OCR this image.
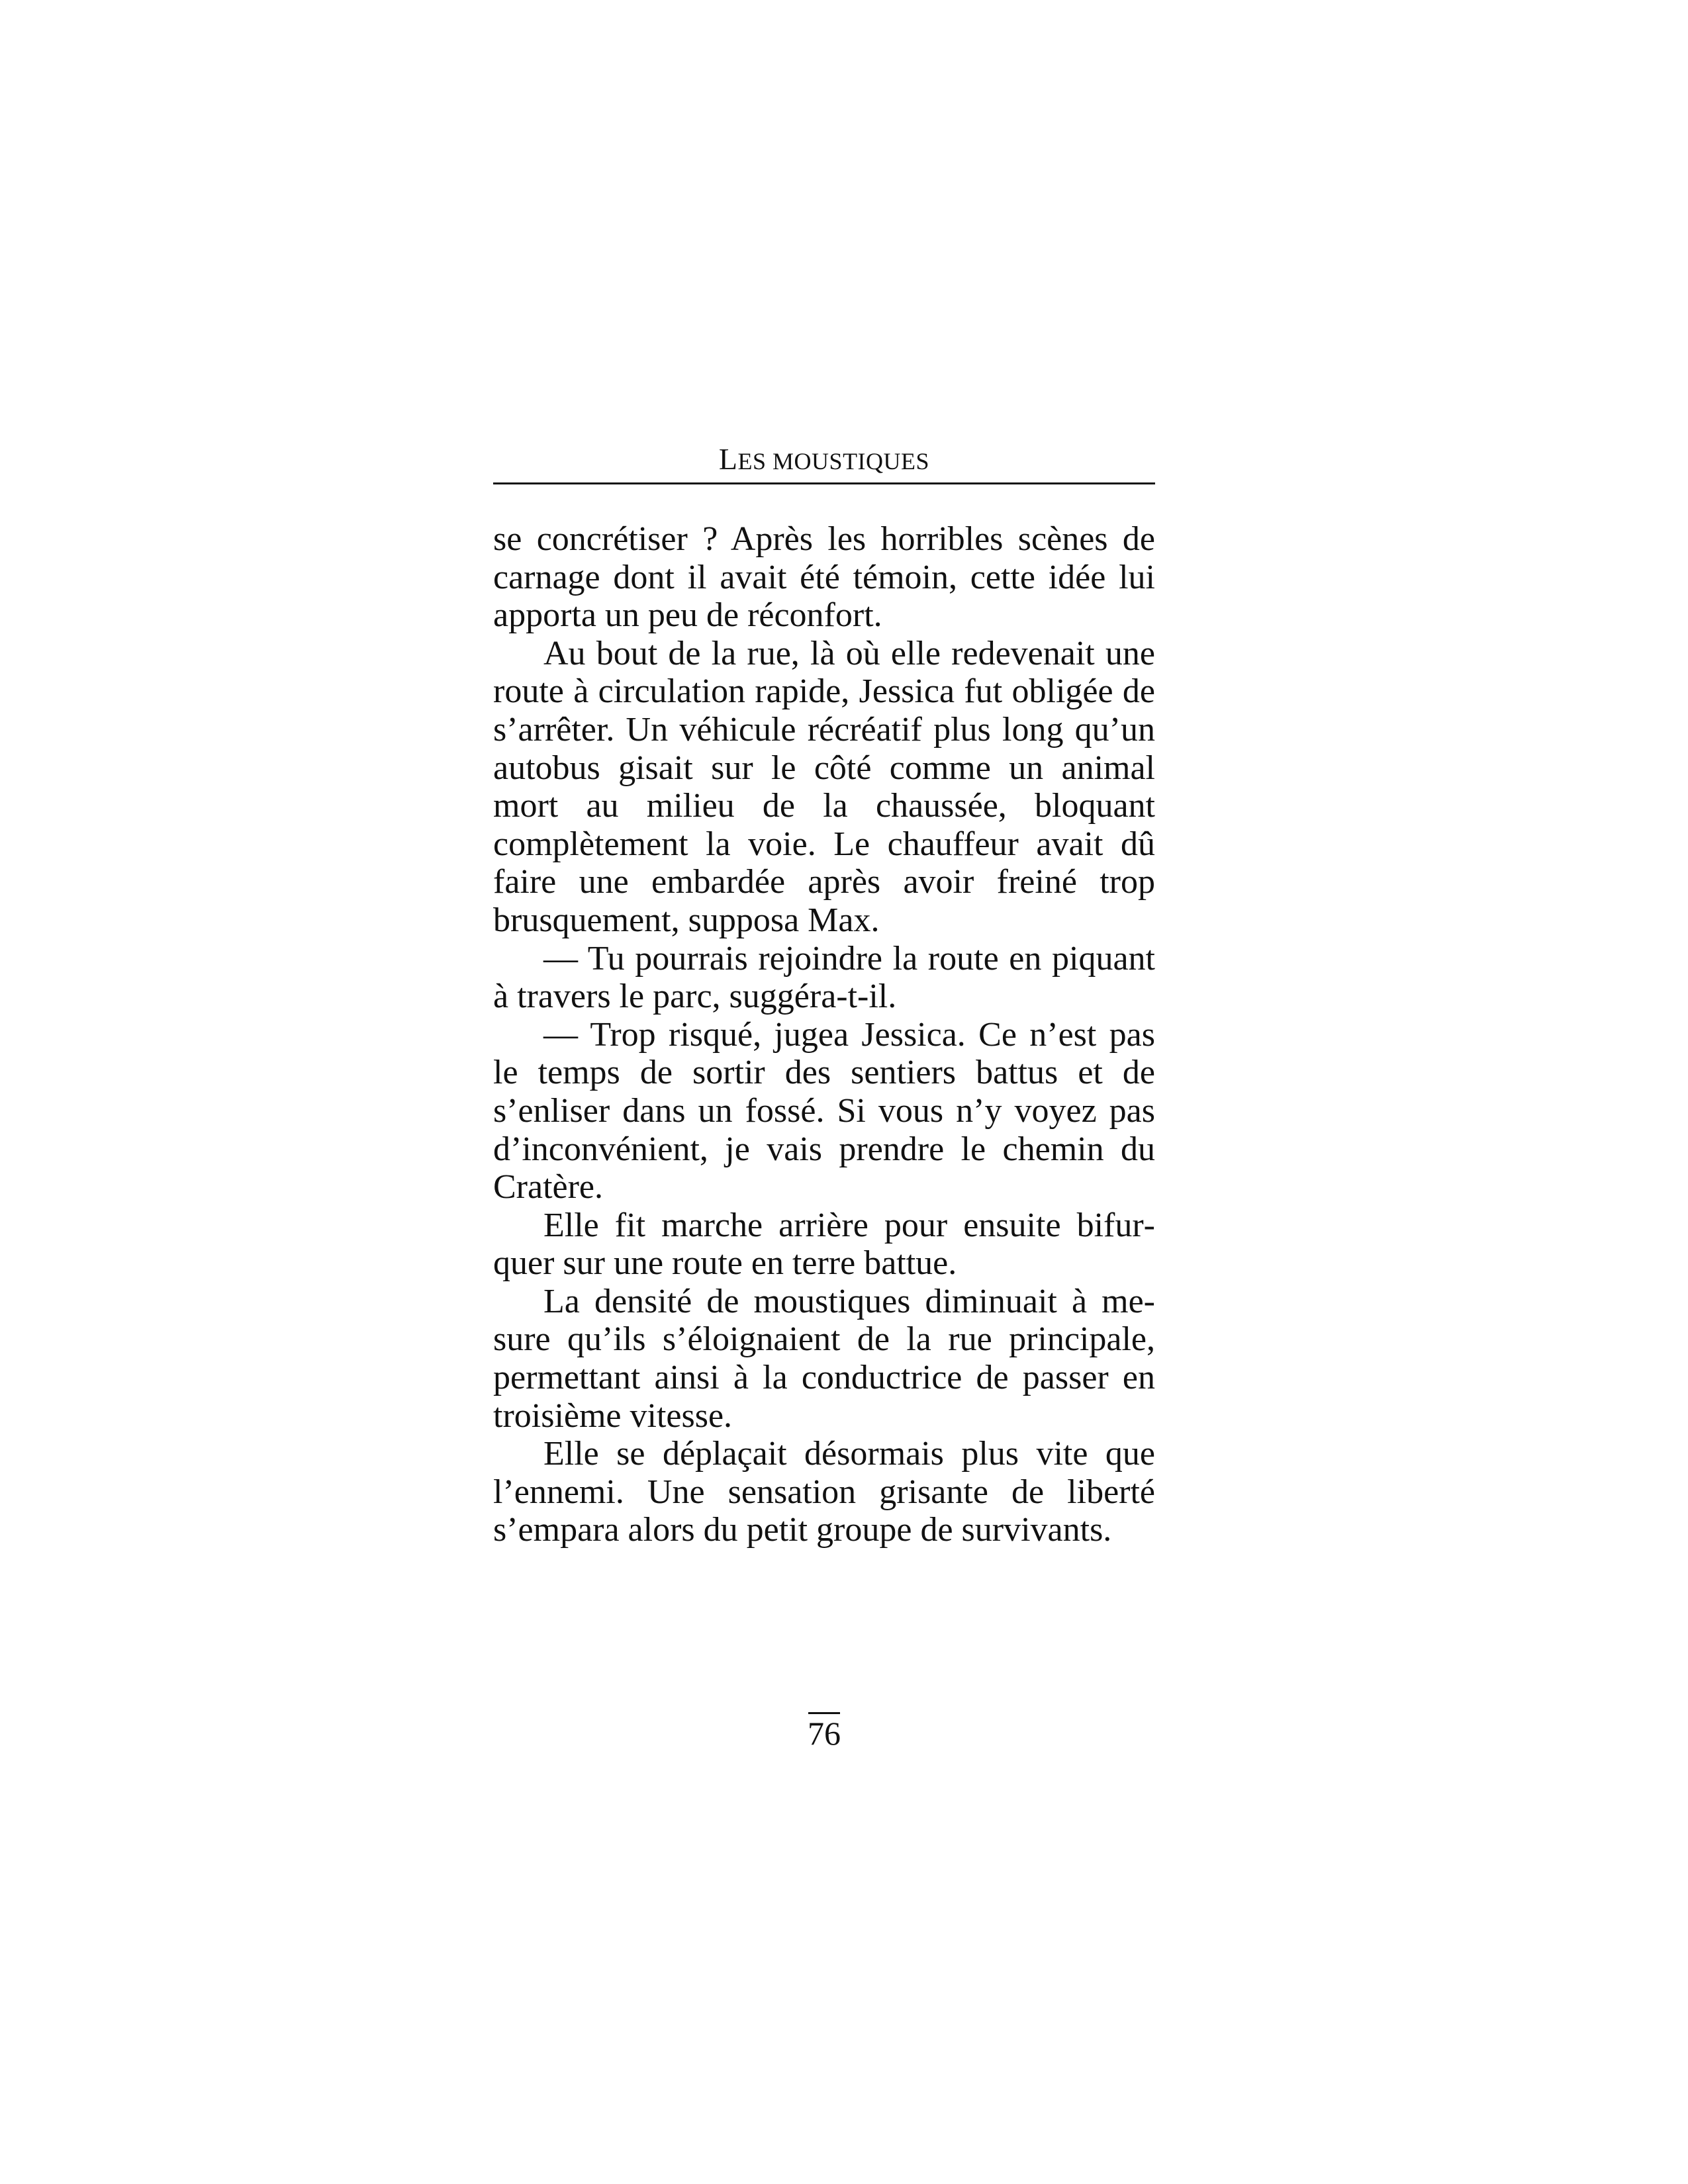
LES MOUSTIQUES

se concrétiser ? Après les horribles scènes de carnage dont il avait été témoin, cette idée lui apporta un peu de réconfort.

Au bout de la rue, là où elle redevenait une route à circulation rapide, Jessica fut obligée de s’arrêter. Un véhicule récréatif plus long qu’un autobus gisait sur le côté comme un animal mort au milieu de la chaussée, bloquant complètement la voie. Le chauffeur avait dû faire une embardée après avoir freiné trop brusquement, supposa Max.

— Tu pourrais rejoindre la route en piquant à travers le parc, suggéra-t-il.

— Trop risqué, jugea Jessica. Ce n’est pas le temps de sortir des sentiers battus et de s’enliser dans un fossé. Si vous n’y voyez pas d’inconvénient, je vais prendre le chemin du Cratère.

Elle fit marche arrière pour ensuite bifurquer sur une route en terre battue.

La densité de moustiques diminuait à mesure qu’ils s’éloignaient de la rue principale, permettant ainsi à la conductrice de passer en troisième vitesse.

Elle se déplaçait désormais plus vite que l’ennemi. Une sensation grisante de liberté s’empara alors du petit groupe de survivants.

76
